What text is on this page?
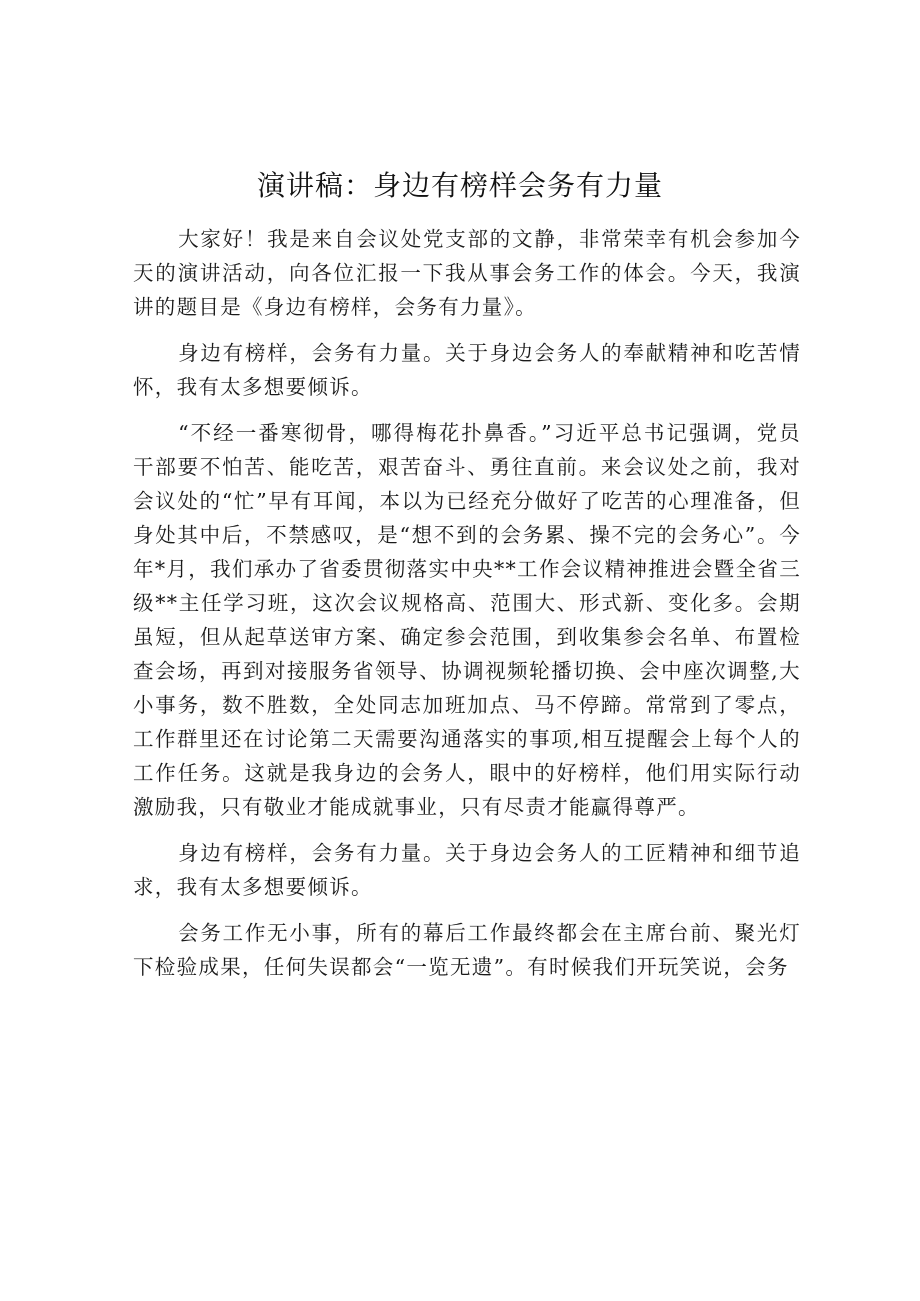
演讲稿：身边有榜样会务有力量

大家好！我是来自会议处党支部的文静，非常荣幸有机会参加今天的演讲活动，向各位汇报一下我从事会务工作的体会。今天，我演讲的题目是《身边有榜样，会务有力量》。

身边有榜样，会务有力量。关于身边会务人的奉献精神和吃苦情怀，我有太多想要倾诉。

“不经一番寒彻骨，哪得梅花扑鼻香。”习近平总书记强调，党员干部要不怕苦、能吃苦，艰苦奋斗、勇往直前。来会议处之前，我对会议处的“忙”早有耳闻，本以为已经充分做好了吃苦的心理准备，但身处其中后，不禁感叹，是“想不到的会务累、操不完的会务心”。今年*月，我们承办了省委贯彻落实中央**工作会议精神推进会暨全省三级**主任学习班，这次会议规格高、范围大、形式新、变化多。会期虽短，但从起草送审方案、确定参会范围，到收集参会名单、布置检查会场，再到对接服务省领导、协调视频轮播切换、会中座次调整,大小事务，数不胜数，全处同志加班加点、马不停蹄。常常到了零点，工作群里还在讨论第二天需要沟通落实的事项,相互提醒会上每个人的工作任务。这就是我身边的会务人，眼中的好榜样，他们用实际行动激励我，只有敬业才能成就事业，只有尽责才能赢得尊严。

身边有榜样，会务有力量。关于身边会务人的工匠精神和细节追求，我有太多想要倾诉。

会务工作无小事，所有的幕后工作最终都会在主席台前、聚光灯下检验成果，任何失误都会“一览无遗”。有时候我们开玩笑说，会务
